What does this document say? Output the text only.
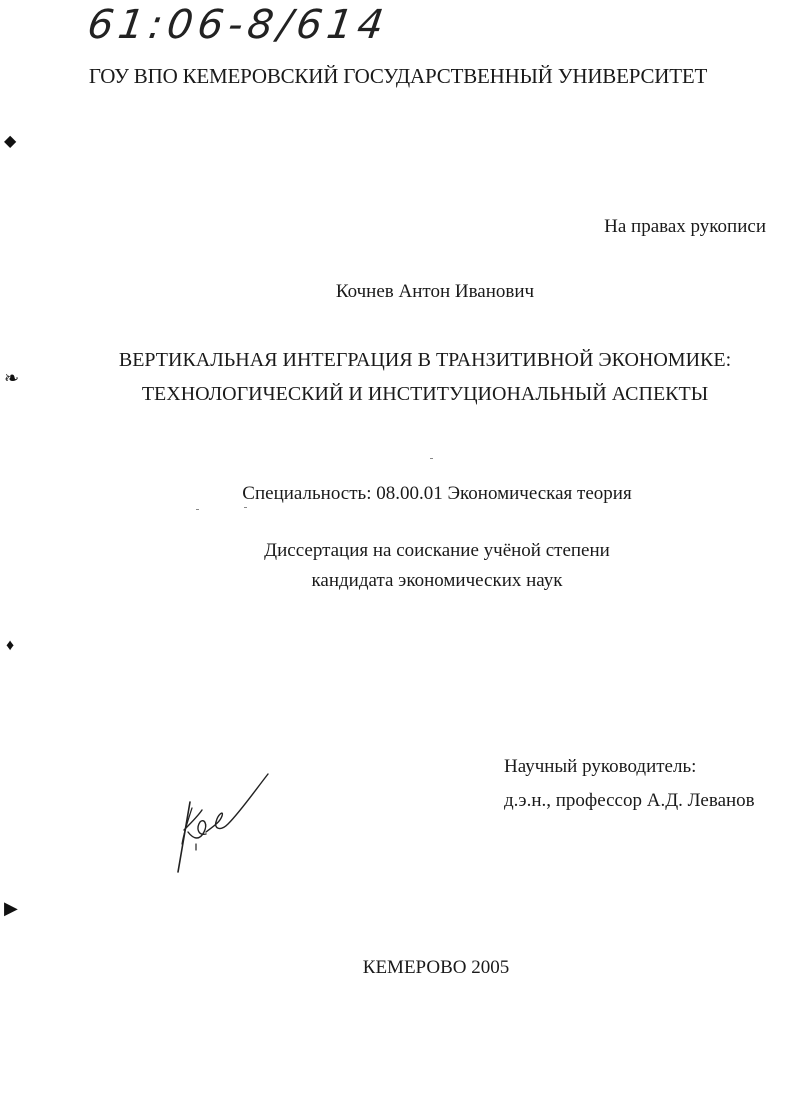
61:06-8/614
ГОУ ВПО КЕМЕРОВСКИЙ ГОСУДАРСТВЕННЫЙ УНИВЕРСИТЕТ
◆
❧
♦
▶
На правах рукописи
Кочнев Антон Иванович
ВЕРТИКАЛЬНАЯ ИНТЕГРАЦИЯ В ТРАНЗИТИВНОЙ ЭКОНОМИКЕ:
ТЕХНОЛОГИЧЕСКИЙ И ИНСТИТУЦИОНАЛЬНЫЙ АСПЕКТЫ
Специальность: 08.00.01 Экономическая теория
Диссертация на соискание учёной степени
кандидата экономических наук
Научный руководитель:
д.э.н., профессор А.Д. Леванов
КЕМЕРОВО 2005
